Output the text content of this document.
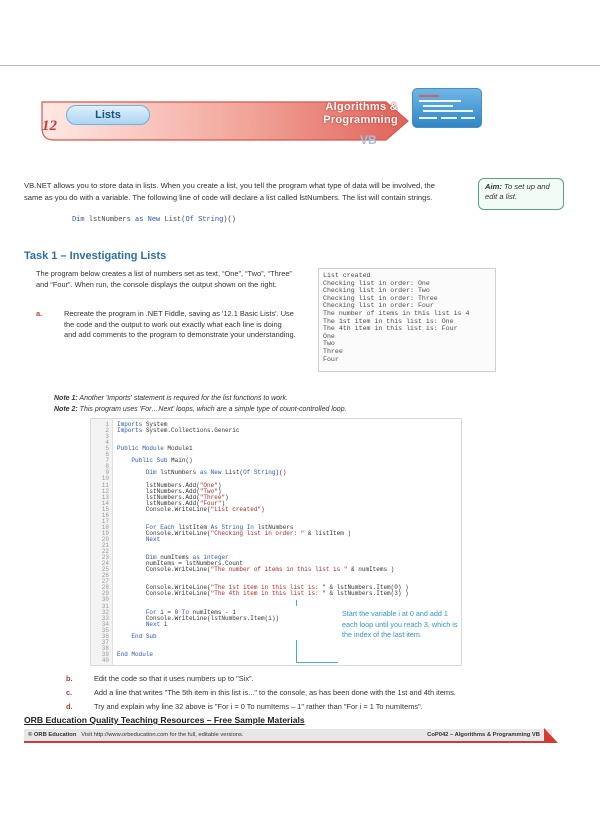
12
Lists
Algorithms &
Programming
VB
VB.NET allows you to store data in lists. When you create a list, you tell the program what type of data will be involved, the same as you do with a variable. The following line of code will declare a list called lstNumbers. The list will contain strings.
Dim lstNumbers as New List(Of String)()
Aim: To set up and edit a list.
Task 1 – Investigating Lists
The program below creates a list of numbers set as text, “One”, “Two”, “Three” and “Four”. When run, the console displays the output shown on the right.
a.	Recreate the program in .NET Fiddle, saving as '12.1 Basic Lists'. Use the code and the output to work out exactly what each line is doing and add comments to the program to demonstrate your understanding.
List created
Checking list in order: One
Checking list in order: Two
Checking list in order: Three
Checking list in order: Four
The number of items in this list is 4
The 1st item in this list is: One
The 4th item in this list is: Four
One
Two
Three
Four
Note 1: Another 'Imports' statement is required for the list functions to work.
Note 2: This program uses 'For…Next' loops, which are a simple type of count-controlled loop.
1 Imports System
2 Imports System.Collections.Generic
3
4
5 Public Module Module1
6
7	Public Sub Main()
8
9	Dim lstNumbers as New List(Of String)()
10
11 lstNumbers.Add("One")
12 lstNumbers.Add("Two")
13 lstNumbers.Add("Three")
14 lstNumbers.Add("Four")
15 Console.WriteLine("List created")
16
17
18	For Each listItem As String In lstNumbers
19 Console.WriteLine("Checking list in order: " & listItem )
20	Next
21
22
23	Dim numItems as integer
24 numItems = lstNumbers.Count
25 Console.WriteLine("The number of items in this list is " & numItems )
26
27
28 Console.WriteLine("The 1st item in this list is: " & lstNumbers.Item(0) )
29 Console.WriteLine("The 4th item in this list is: " & lstNumbers.Item(3) )
30
31
32	For i = 0 To numItems - 1
33 Console.WriteLine(lstNumbers.Item(i))
34	Next i
35
36	End Sub
37
38
39 End Module
40
Start the variable i at 0 and add 1 each loop until you reach 3, which is the index of the last item.
b.	Edit the code so that it uses numbers up to "Six".
c.	Add a line that writes "The 5th item in this list is..." to the console, as has been done with the 1st and 4th items.
d.	Try and explain why line 32 above is "For i = 0 To numItems – 1" rather than "For i = 1 To numItems".
ORB Education Quality Teaching Resources – Free Sample Materials
© ORB Education Visit http://www.orbeducation.com for the full, editable versions.	CoP042 – Algorithms & Programming VB
